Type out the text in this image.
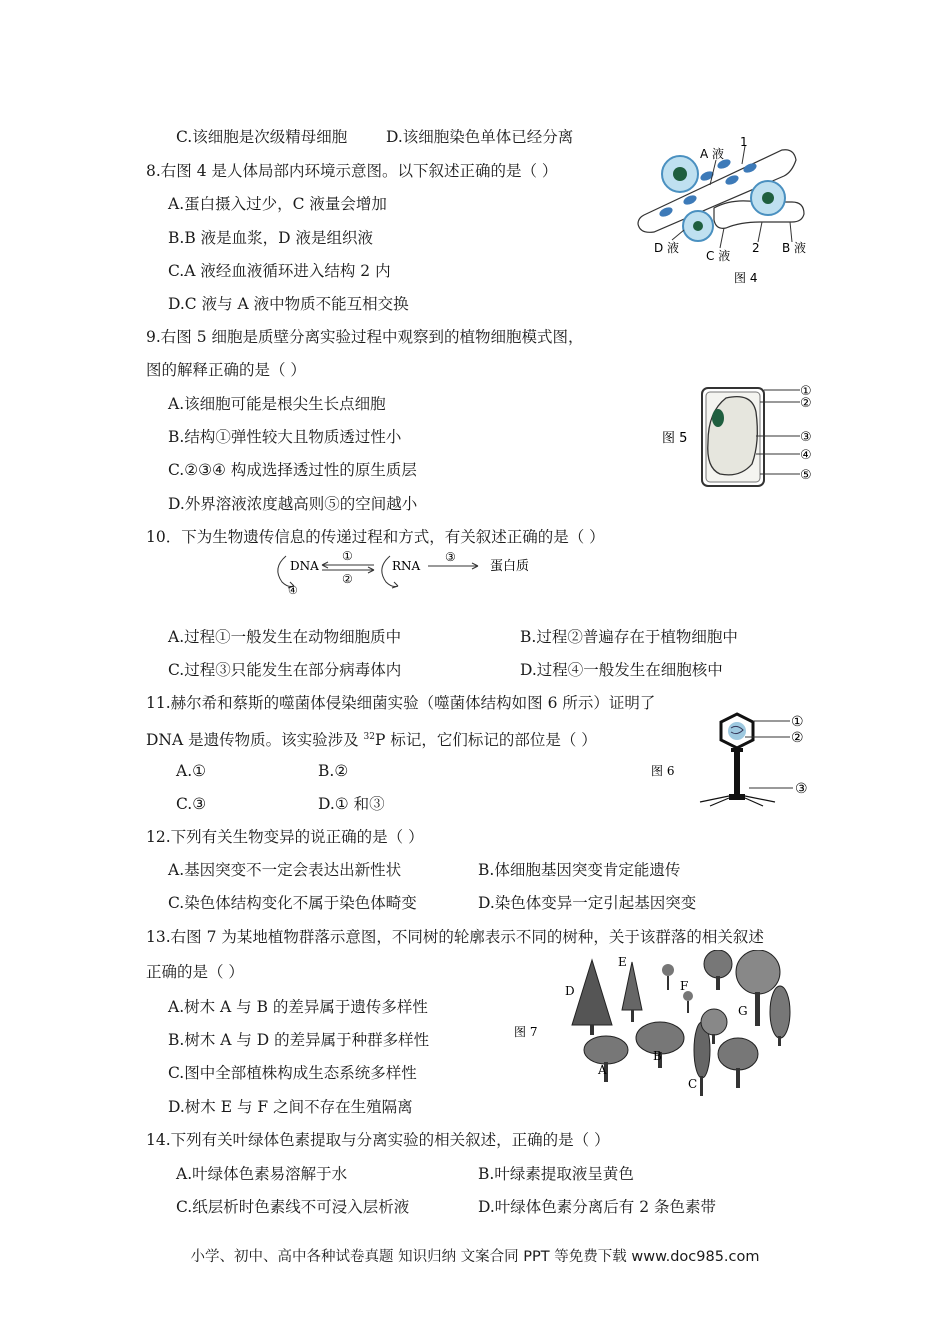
C.该细胞是次级精母细胞	D.该细胞染色单体已经分离
8.右图 4 是人体局部内环境示意图。以下叙述正确的是（ ）
A.蛋白摄入过少，C 液量会增加
B.B 液是血浆，D 液是组织液
C.A 液经血液循环进入结构 2 内
D.C 液与 A 液中物质不能互相交换
A 液
1
D 液
C 液
2 B 液
图 4
9.右图 5 细胞是质壁分离实验过程中观察到的植物细胞模式图，
图的解释正确的是（ ）
A.该细胞可能是根尖生长点细胞
B.结构①弹性较大且物质透过性小
C.②③④ 构成选择透过性的原生质层
D.外界溶液浓度越高则⑤的空间越小
①
②
③
④
⑤
图 5
10．下为生物遗传信息的传递过程和方式，有关叙述正确的是（ ）
DNA	RNA	蛋白质
①
②
③
④
A.过程①一般发生在动物细胞质中	B.过程②普遍存在于植物细胞中
C.过程③只能发生在部分病毒体内	D.过程④一般发生在细胞核中
11.赫尔希和蔡斯的噬菌体侵染细菌实验（噬菌体结构如图 6 所示）证明了
DNA 是遗传物质。该实验涉及 $^{32}$P 标记，它们标记的部位是（ ）
A.①	B.②
C.③	D.① 和③
①
②
③
图 6
12.下列有关生物变异的说正确的是（ ）
A.基因突变不一定会表达出新性状	B.体细胞基因突变肯定能遗传
C.染色体结构变化不属于染色体畸变	D.染色体变异一定引起基因突变
13.右图 7 为某地植物群落示意图，不同树的轮廓表示不同的树种，关于该群落的相关叙述
正确的是（ ）
A.树木 A 与 B 的差异属于遗传多样性
B.树木 A 与 D 的差异属于种群多样性
C.图中全部植株构成生态系统多样性
D.树木 E 与 F 之间不存在生殖隔离
D
E
F
G
B
A
C
图 7
14.下列有关叶绿体色素提取与分离实验的相关叙述，正确的是（ ）
A.叶绿体色素易溶解于水	B.叶绿素提取液呈黄色
C.纸层析时色素线不可浸入层析液	D.叶绿体色素分离后有 2 条色素带
小学、初中、高中各种试卷真题 知识归纳 文案合同 PPT 等免费下载 www.doc985.com
